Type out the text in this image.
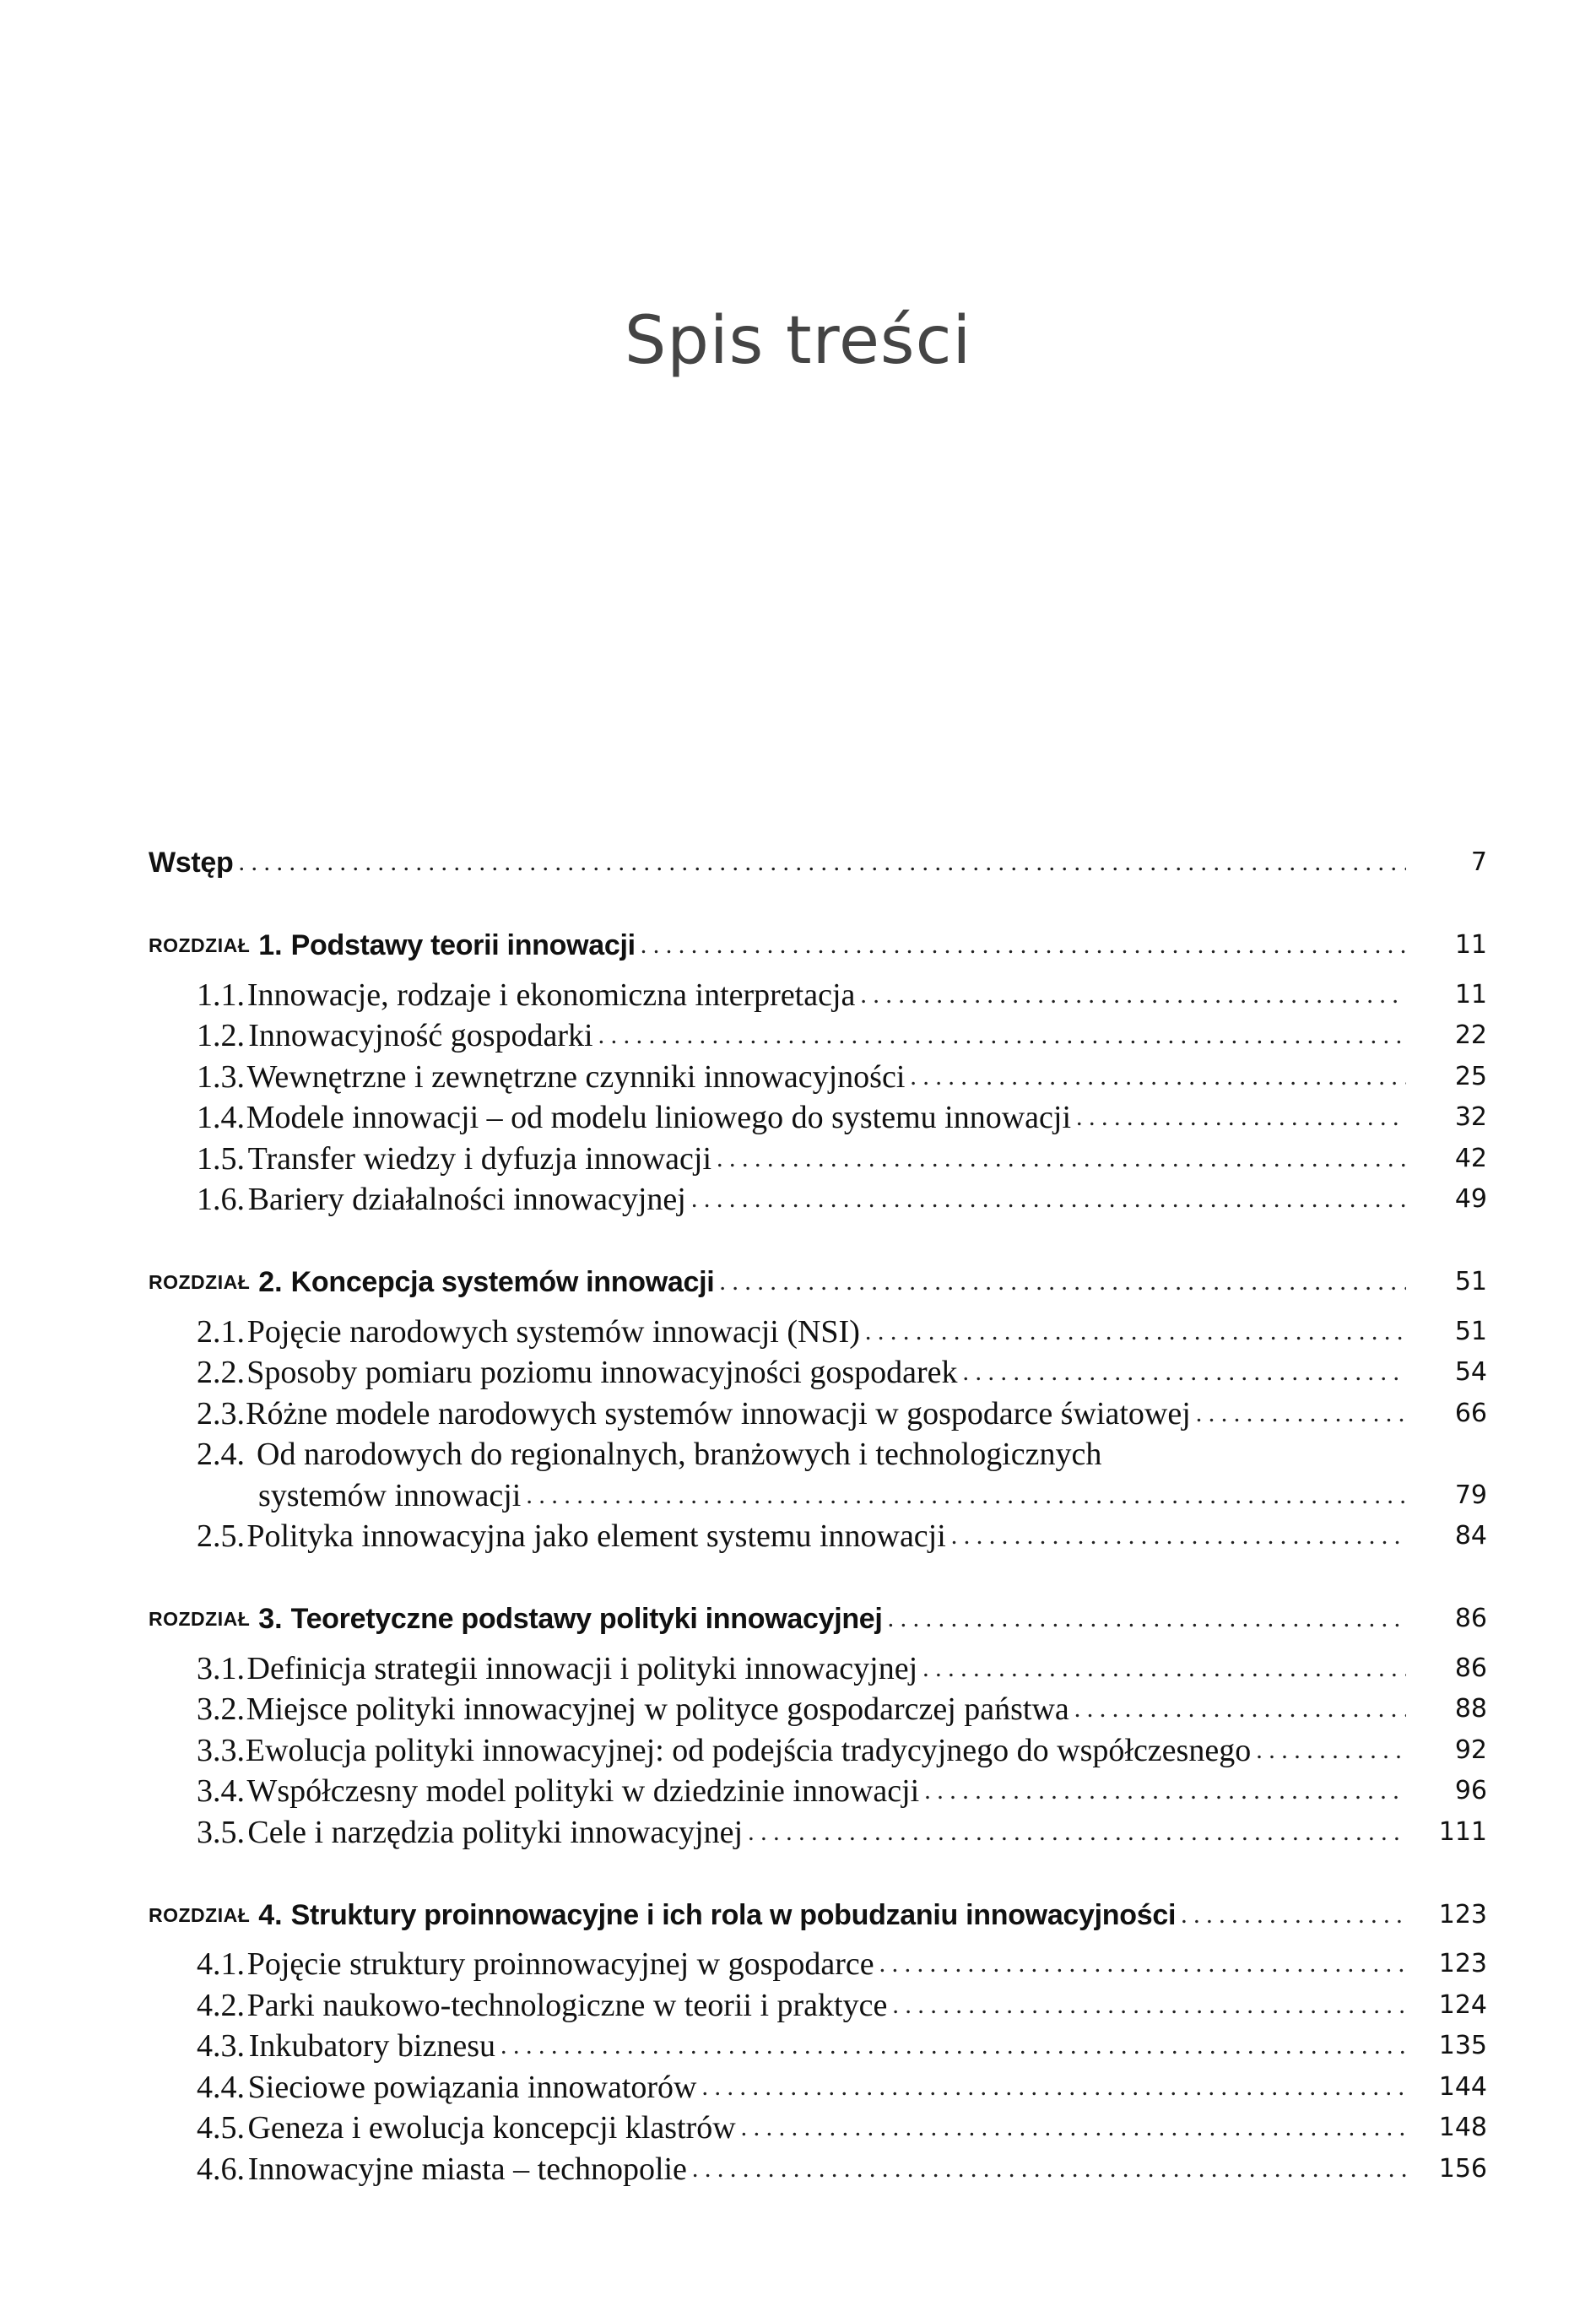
Spis treści
Wstęp . . .	7
ROZDZIAŁ 1. Podstawy teorii innowacji . . .	11
1.1. Innowacje, rodzaje i ekonomiczna interpretacja . . .	11
1.2. Innowacyjność gospodarki . . .	22
1.3. Wewnętrzne i zewnętrzne czynniki innowacyjności . . .	25
1.4. Modele innowacji – od modelu liniowego do systemu innowacji . . .	32
1.5. Transfer wiedzy i dyfuzja innowacji . . .	42
1.6. Bariery działalności innowacyjnej . . .	49
ROZDZIAŁ 2. Koncepcja systemów innowacji . . .	51
2.1. Pojęcie narodowych systemów innowacji (NSI) . . .	51
2.2. Sposoby pomiaru poziomu innowacyjności gospodarek . . .	54
2.3. Różne modele narodowych systemów innowacji w gospodarce światowej . . .	66
2.4. Od narodowych do regionalnych, branżowych i technologicznych
systemów innowacji . . .	79
2.5. Polityka innowacyjna jako element systemu innowacji . . .	84
ROZDZIAŁ 3. Teoretyczne podstawy polityki innowacyjnej . . .	86
3.1. Definicja strategii innowacji i polityki innowacyjnej . . .	86
3.2. Miejsce polityki innowacyjnej w polityce gospodarczej państwa . . .	88
3.3. Ewolucja polityki innowacyjnej: od podejścia tradycyjnego do współczesnego . . .	92
3.4. Współczesny model polityki w dziedzinie innowacji . . .	96
3.5. Cele i narzędzia polityki innowacyjnej . . .	111
ROZDZIAŁ 4. Struktury proinnowacyjne i ich rola w pobudzaniu innowacyjności . . .	123
4.1. Pojęcie struktury proinnowacyjnej w gospodarce . . .	123
4.2. Parki naukowo-technologiczne w teorii i praktyce . . .	124
4.3. Inkubatory biznesu . . .	135
4.4. Sieciowe powiązania innowatorów . . .	144
4.5. Geneza i ewolucja koncepcji klastrów . . .	148
4.6. Innowacyjne miasta – technopolie . . .	156
